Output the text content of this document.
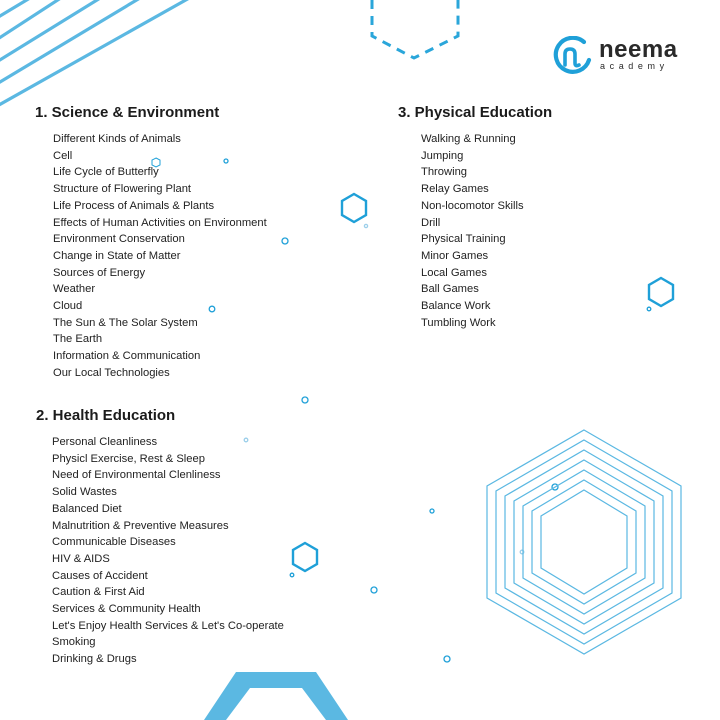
neema
academy
1. Science & Environment
Different Kinds of Animals
Cell
Life Cycle of Butterfly
Structure of Flowering Plant
Life Process of Animals & Plants
Effects of Human Activities on Environment
Environment Conservation
Change in State of Matter
Sources of Energy
Weather
Cloud
The Sun & The Solar System
The Earth
Information & Communication
Our Local Technologies
2. Health Education
Personal Cleanliness
Physicl Exercise, Rest & Sleep
Need of Environmental Clenliness
Solid Wastes
Balanced Diet
Malnutrition & Preventive Measures
Communicable Diseases
HIV & AIDS
Causes of Accident
Caution & First Aid
Services & Community Health
Let's Enjoy Health Services & Let's Co-operate
Smoking
Drinking & Drugs
3. Physical Education
Walking & Running
Jumping
Throwing
Relay Games
Non-locomotor Skills
Drill
Physical Training
Minor Games
Local Games
Ball Games
Balance Work
Tumbling Work
